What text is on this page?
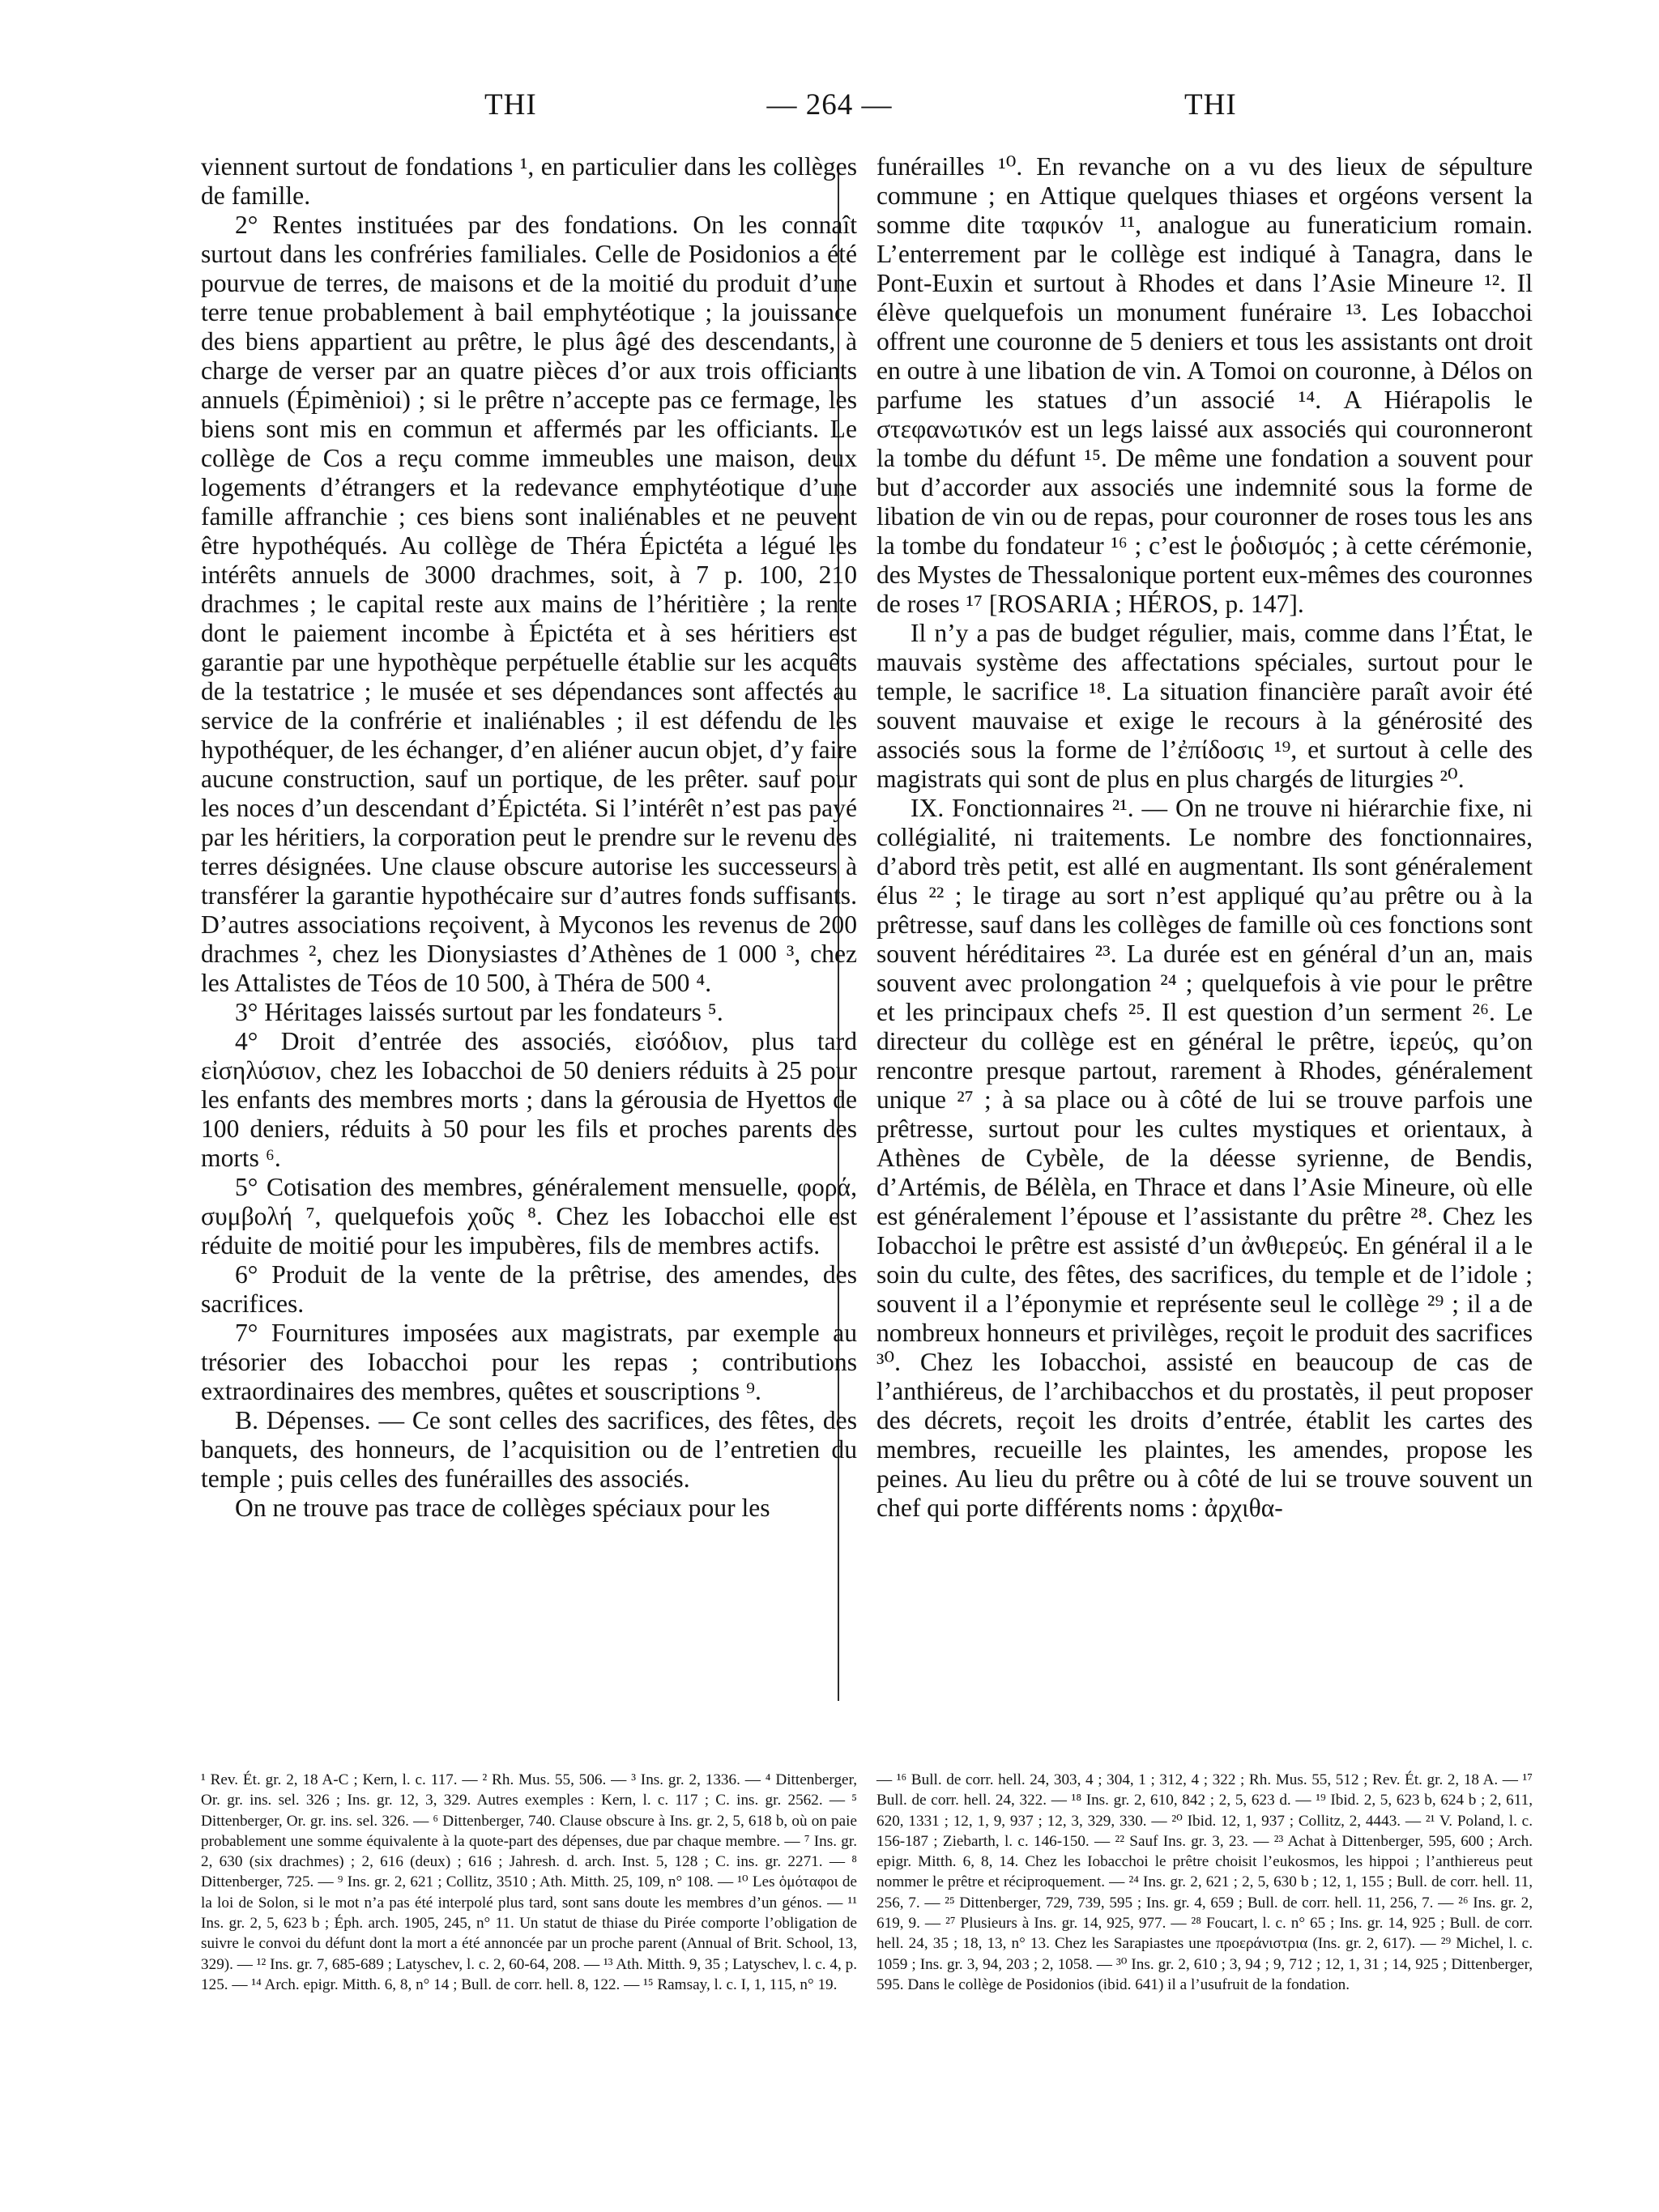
THI	— 264 —	THI

viennent surtout de fondations ¹, en particulier dans les collèges de famille.

2° Rentes instituées par des fondations. On les connaît surtout dans les confréries familiales. Celle de Posidonios a été pourvue de terres, de maisons et de la moitié du produit d’une terre tenue probablement à bail emphytéotique ; la jouissance des biens appartient au prêtre, le plus âgé des descendants, à charge de verser par an quatre pièces d’or aux trois officiants annuels (Épimènioi) ; si le prêtre n’accepte pas ce fermage, les biens sont mis en commun et affermés par les officiants. Le collège de Cos a reçu comme immeubles une maison, deux logements d’étrangers et la redevance emphytéotique d’une famille affranchie ; ces biens sont inaliénables et ne peuvent être hypothéqués. Au collège de Théra Épictéta a légué les intérêts annuels de 3000 drachmes, soit, à 7 p. 100, 210 drachmes ; le capital reste aux mains de l’héritière ; la rente dont le paiement incombe à Épictéta et à ses héritiers est garantie par une hypothèque perpétuelle établie sur les acquêts de la testatrice ; le musée et ses dépendances sont affectés au service de la confrérie et inaliénables ; il est défendu de les hypothéquer, de les échanger, d’en aliéner aucun objet, d’y faire aucune construction, sauf un portique, de les prêter. sauf pour les noces d’un descendant d’Épictéta. Si l’intérêt n’est pas payé par les héritiers, la corporation peut le prendre sur le revenu des terres désignées. Une clause obscure autorise les successeurs à transférer la garantie hypothécaire sur d’autres fonds suffisants. D’autres associations reçoivent, à Myconos les revenus de 200 drachmes ², chez les Dionysiastes d’Athènes de 1 000 ³, chez les Attalistes de Téos de 10 500, à Théra de 500 ⁴.

3° Héritages laissés surtout par les fondateurs ⁵.

4° Droit d’entrée des associés, εἰσόδιον, plus tard εἰσηλύσιον, chez les Iobacchoi de 50 deniers réduits à 25 pour les enfants des membres morts ; dans la gérousia de Hyettos de 100 deniers, réduits à 50 pour les fils et proches parents des morts ⁶.

5° Cotisation des membres, généralement mensuelle, φορά, συμβολή ⁷, quelquefois χοῦς ⁸. Chez les Iobacchoi elle est réduite de moitié pour les impubères, fils de membres actifs.

6° Produit de la vente de la prêtrise, des amendes, des sacrifices.

7° Fournitures imposées aux magistrats, par exemple au trésorier des Iobacchoi pour les repas ; contributions extraordinaires des membres, quêtes et souscriptions ⁹.

B. Dépenses. — Ce sont celles des sacrifices, des fêtes, des banquets, des honneurs, de l’acquisition ou de l’entretien du temple ; puis celles des funérailles des associés.

On ne trouve pas trace de collèges spéciaux pour les

funérailles ¹⁰. En revanche on a vu des lieux de sépulture commune ; en Attique quelques thiases et orgéons versent la somme dite ταφικόν ¹¹, analogue au funeraticium romain. L’enterrement par le collège est indiqué à Tanagra, dans le Pont-Euxin et surtout à Rhodes et dans l’Asie Mineure ¹². Il élève quelquefois un monument funéraire ¹³. Les Iobacchoi offrent une couronne de 5 deniers et tous les assistants ont droit en outre à une libation de vin. A Tomoi on couronne, à Délos on parfume les statues d’un associé ¹⁴. A Hiérapolis le στεφανωτικόν est un legs laissé aux associés qui couronneront la tombe du défunt ¹⁵. De même une fondation a souvent pour but d’accorder aux associés une indemnité sous la forme de libation de vin ou de repas, pour couronner de roses tous les ans la tombe du fondateur ¹⁶ ; c’est le ῥοδισμός ; à cette cérémonie, des Mystes de Thessalonique portent eux-mêmes des couronnes de roses ¹⁷ [ROSARIA ; HÉROS, p. 147].

Il n’y a pas de budget régulier, mais, comme dans l’État, le mauvais système des affectations spéciales, surtout pour le temple, le sacrifice ¹⁸. La situation financière paraît avoir été souvent mauvaise et exige le recours à la générosité des associés sous la forme de l’ἐπίδοσις ¹⁹, et surtout à celle des magistrats qui sont de plus en plus chargés de liturgies ²⁰.

IX. Fonctionnaires ²¹. — On ne trouve ni hiérarchie fixe, ni collégialité, ni traitements. Le nombre des fonctionnaires, d’abord très petit, est allé en augmentant. Ils sont généralement élus ²² ; le tirage au sort n’est appliqué qu’au prêtre ou à la prêtresse, sauf dans les collèges de famille où ces fonctions sont souvent héréditaires ²³. La durée est en général d’un an, mais souvent avec prolongation ²⁴ ; quelquefois à vie pour le prêtre et les principaux chefs ²⁵. Il est question d’un serment ²⁶. Le directeur du collège est en général le prêtre, ἱερεύς, qu’on rencontre presque partout, rarement à Rhodes, généralement unique ²⁷ ; à sa place ou à côté de lui se trouve parfois une prêtresse, surtout pour les cultes mystiques et orientaux, à Athènes de Cybèle, de la déesse syrienne, de Bendis, d’Artémis, de Bélèla, en Thrace et dans l’Asie Mineure, où elle est généralement l’épouse et l’assistante du prêtre ²⁸. Chez les Iobacchoi le prêtre est assisté d’un ἀνθιερεύς. En général il a le soin du culte, des fêtes, des sacrifices, du temple et de l’idole ; souvent il a l’éponymie et représente seul le collège ²⁹ ; il a de nombreux honneurs et privilèges, reçoit le produit des sacrifices ³⁰. Chez les Iobacchoi, assisté en beaucoup de cas de l’anthiéreus, de l’archibacchos et du prostatès, il peut proposer des décrets, reçoit les droits d’entrée, établit les cartes des membres, recueille les plaintes, les amendes, propose les peines. Au lieu du prêtre ou à côté de lui se trouve souvent un chef qui porte différents noms : ἀρχιθα-

¹ Rev. Ét. gr. 2, 18 A-C ; Kern, l. c. 117. — ² Rh. Mus. 55, 506. — ³ Ins. gr. 2, 1336. — ⁴ Dittenberger, Or. gr. ins. sel. 326 ; Ins. gr. 12, 3, 329. Autres exemples : Kern, l. c. 117 ; C. ins. gr. 2562. — ⁵ Dittenberger, Or. gr. ins. sel. 326. — ⁶ Dittenberger, 740. Clause obscure à Ins. gr. 2, 5, 618 b, où on paie probablement une somme équivalente à la quote-part des dépenses, due par chaque membre. — ⁷ Ins. gr. 2, 630 (six drachmes) ; 2, 616 (deux) ; 616 ; Jahresh. d. arch. Inst. 5, 128 ; C. ins. gr. 2271. — ⁸ Dittenberger, 725. — ⁹ Ins. gr. 2, 621 ; Collitz, 3510 ; Ath. Mitth. 25, 109, n° 108. — ¹⁰ Les ὁμόταφοι de la loi de Solon, si le mot n’a pas été interpolé plus tard, sont sans doute les membres d’un génos. — ¹¹ Ins. gr. 2, 5, 623 b ; Éph. arch. 1905, 245, n° 11. Un statut de thiase du Pirée comporte l’obligation de suivre le convoi du défunt dont la mort a été annoncée par un proche parent (Annual of Brit. School, 13, 329). — ¹² Ins. gr. 7, 685-689 ; Latyschev, l. c. 2, 60-64, 208. — ¹³ Ath. Mitth. 9, 35 ; Latyschev, l. c. 4, p. 125. — ¹⁴ Arch. epigr. Mitth. 6, 8, n° 14 ; Bull. de corr. hell. 8, 122. — ¹⁵ Ramsay, l. c. I, 1, 115, n° 19.

— ¹⁶ Bull. de corr. hell. 24, 303, 4 ; 304, 1 ; 312, 4 ; 322 ; Rh. Mus. 55, 512 ; Rev. Ét. gr. 2, 18 A. — ¹⁷ Bull. de corr. hell. 24, 322. — ¹⁸ Ins. gr. 2, 610, 842 ; 2, 5, 623 d. — ¹⁹ Ibid. 2, 5, 623 b, 624 b ; 2, 611, 620, 1331 ; 12, 1, 9, 937 ; 12, 3, 329, 330. — ²⁰ Ibid. 12, 1, 937 ; Collitz, 2, 4443. — ²¹ V. Poland, l. c. 156-187 ; Ziebarth, l. c. 146-150. — ²² Sauf Ins. gr. 3, 23. — ²³ Achat à Dittenberger, 595, 600 ; Arch. epigr. Mitth. 6, 8, 14. Chez les Iobacchoi le prêtre choisit l’eukosmos, les hippoi ; l’anthiereus peut nommer le prêtre et réciproquement. — ²⁴ Ins. gr. 2, 621 ; 2, 5, 630 b ; 12, 1, 155 ; Bull. de corr. hell. 11, 256, 7. — ²⁵ Dittenberger, 729, 739, 595 ; Ins. gr. 4, 659 ; Bull. de corr. hell. 11, 256, 7. — ²⁶ Ins. gr. 2, 619, 9. — ²⁷ Plusieurs à Ins. gr. 14, 925, 977. — ²⁸ Foucart, l. c. n° 65 ; Ins. gr. 14, 925 ; Bull. de corr. hell. 24, 35 ; 18, 13, n° 13. Chez les Sarapiastes une προεράνιστρια (Ins. gr. 2, 617). — ²⁹ Michel, l. c. 1059 ; Ins. gr. 3, 94, 203 ; 2, 1058. — ³⁰ Ins. gr. 2, 610 ; 3, 94 ; 9, 712 ; 12, 1, 31 ; 14, 925 ; Dittenberger, 595. Dans le collège de Posidonios (ibid. 641) il a l’usufruit de la fondation.
